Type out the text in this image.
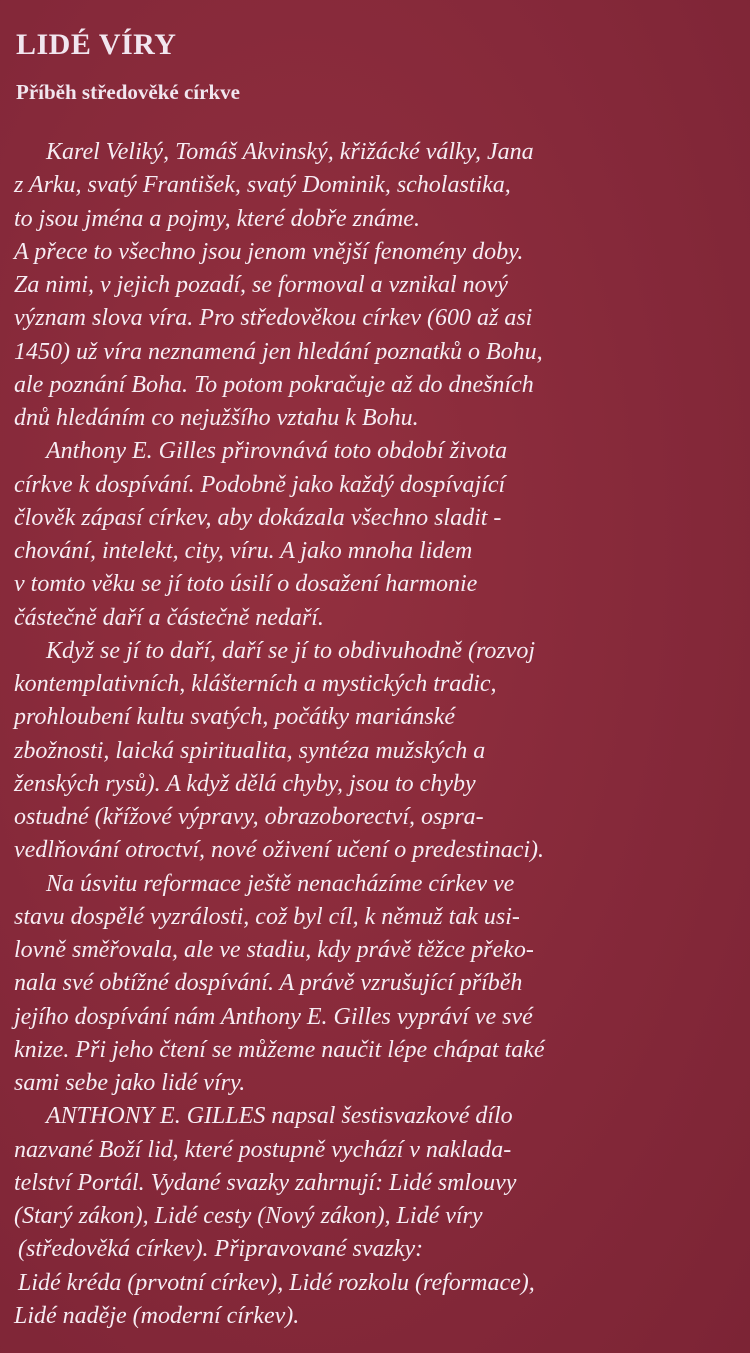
LIDÉ VÍRY
Příběh středověké církve
Karel Veliký, Tomáš Akvinský, křižácké války, Jana
z Arku, svatý František, svatý Dominik, scholastika,
to jsou jména a pojmy, které dobře známe.
A přece to všechno jsou jenom vnější fenomény doby.
Za nimi, v jejich pozadí, se formoval a vznikal nový
význam slova víra. Pro středověkou církev (600 až asi
1450) už víra neznamená jen hledání poznatků o Bohu,
ale poznání Boha. To potom pokračuje až do dnešních
dnů hledáním co nejužšího vztahu k Bohu.
Anthony E. Gilles přirovnává toto období života
církve k dospívání. Podobně jako každý dospívající
člověk zápasí církev, aby dokázala všechno sladit -
chování, intelekt, city, víru. A jako mnoha lidem
v tomto věku se jí toto úsilí o dosažení harmonie
částečně daří a částečně nedaří.
Když se jí to daří, daří se jí to obdivuhodně (rozvoj
kontemplativních, klášterních a mystických tradic,
prohloubení kultu svatých, počátky mariánské
zbožnosti, laická spiritualita, syntéza mužských a
ženských rysů). A když dělá chyby, jsou to chyby
ostudné (křížové výpravy, obrazoborectví, ospra-
vedlňování otroctví, nové oživení učení o predestinaci).
Na úsvitu reformace ještě nenacházíme církev ve
stavu dospělé vyzrálosti, což byl cíl, k němuž tak usi-
lovně směřovala, ale ve stadiu, kdy právě těžce překo-
nala své obtížné dospívání. A právě vzrušující příběh
jejího dospívání nám Anthony E. Gilles vypráví ve své
knize. Při jeho čtení se můžeme naučit lépe chápat také
sami sebe jako lidé víry.
ANTHONY E. GILLES napsal šestisvazkové dílo
nazvané Boží lid, které postupně vychází v naklada-
telství Portál. Vydané svazky zahrnují: Lidé smlouvy
(Starý zákon), Lidé cesty (Nový zákon), Lidé víry
(středověká církev). Připravované svazky:
Lidé kréda (prvotní církev), Lidé rozkolu (reformace),
Lidé naděje (moderní církev).
